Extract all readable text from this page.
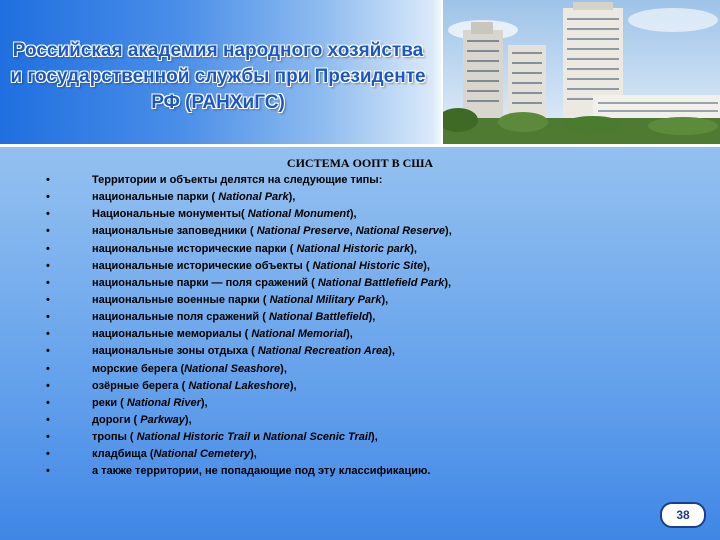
Российская академия народного хозяйства
и государственной службы при Президенте
РФ (РАНХиГС)
СИСТЕМА ООПТ В США
•	Территории и объекты делятся на следующие типы:
•	национальные парки ( National Park),
•	Национальные монументы( National Monument),
•	национальные заповедники ( National Preserve, National Reserve),
•	национальные исторические парки ( National Historic park),
•	национальные исторические объекты ( National Historic Site),
•	национальные парки — поля сражений ( National Battlefield Park),
•	национальные военные парки ( National Military Park),
•	национальные поля сражений ( National Battlefield),
•	национальные мемориалы ( National Memorial),
•	национальные зоны отдыха ( National Recreation Area),
•	морские берега (National Seashore),
•	озёрные берега ( National Lakeshore),
•	реки ( National River),
•	дороги ( Parkway),
•	тропы ( National Historic Trail и National Scenic Trail),
•	кладбища (National Cemetery),
•	а также территории, не попадающие под эту классификацию.
38
